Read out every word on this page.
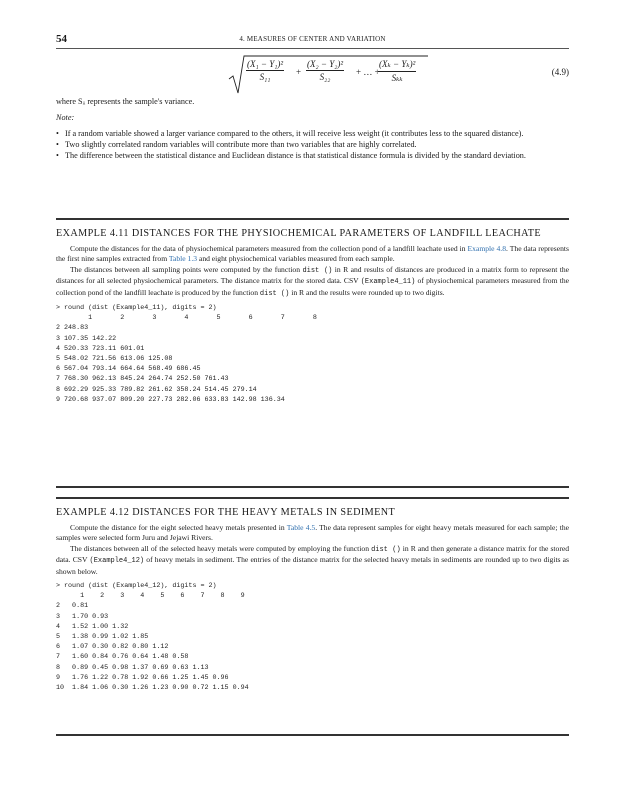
54	4. MEASURES OF CENTER AND VARIATION
$\frac{\text{(X₁ − Y₁)²}}{\text{S₁₁}} + \frac{\text{(X₂ − Y₂)²}}{\text{S₂₂}}$ + … +
(Xₖ − Yₖ)²
Sₖₖ
(4.9)
where Sᵢᵢ represents the sample's variance.
Note:
• If a random variable showed a larger variance compared to the others, it will receive less weight (it contributes less to the squared distance).
• Two slightly correlated random variables will contribute more than two variables that are highly correlated.
• The difference between the statistical distance and Euclidean distance is that statistical distance formula is divided by the standard deviation.
EXAMPLE 4.11 DISTANCES FOR THE PHYSIOCHEMICAL PARAMETERS OF LANDFILL LEACHATE

Compute the distances for the data of physiochemical parameters measured from the collection pond of a landfill leachate used in Example 4.8. The data represents the first nine samples extracted from Table 1.3 and eight physiochemical variables measured from each sample.

The distances between all sampling points were computed by the function dist () in R and results of distances are produced in a matrix form to represent the distances for all selected physiochemical parameters. The distance matrix for the stored data. CSV (Example4_11) of physiochemical parameters measured from the collection pond of the landfill leachate is produced by the function dist () in R and the results were rounded up to two digits.

> round (dist (Example4_11), digits = 2)
1       2       3       4       5       6       7       8
2 248.83
3 107.35 142.22
4 520.33 723.11 601.01
5 548.02 721.56 613.06 125.08
6 567.04 793.14 664.64 568.49 686.45
7 768.30 962.13 845.24 264.74 252.50 761.43
8 692.29 925.33 789.82 261.62 358.24 514.45 279.14
9 720.68 937.07 809.20 227.73 282.06 633.83 142.98 136.34
EXAMPLE 4.12 DISTANCES FOR THE HEAVY METALS IN SEDIMENT

Compute the distance for the eight selected heavy metals presented in Table 4.5. The data represent samples for eight heavy metals measured for each sample; the samples were selected form Juru and Jejawi Rivers.

The distances between all of the selected heavy metals were computed by employing the function dist () in R and then generate a distance matrix for the stored data. CSV (Example4_12) of heavy metals in sediment. The entries of the distance matrix for the selected heavy metals in sediments are rounded up to two digits as shown below.

> round (dist (Example4_12), digits = 2)
1    2    3    4    5    6    7    8    9
2   0.81
3   1.70 0.93
4   1.52 1.00 1.32
5   1.38 0.99 1.02 1.85
6   1.07 0.30 0.82 0.80 1.12
7   1.60 0.84 0.76 0.64 1.48 0.58
8   0.89 0.45 0.98 1.37 0.69 0.63 1.13
9   1.76 1.22 0.78 1.92 0.66 1.25 1.45 0.96
10  1.84 1.06 0.30 1.26 1.23 0.90 0.72 1.15 0.94
